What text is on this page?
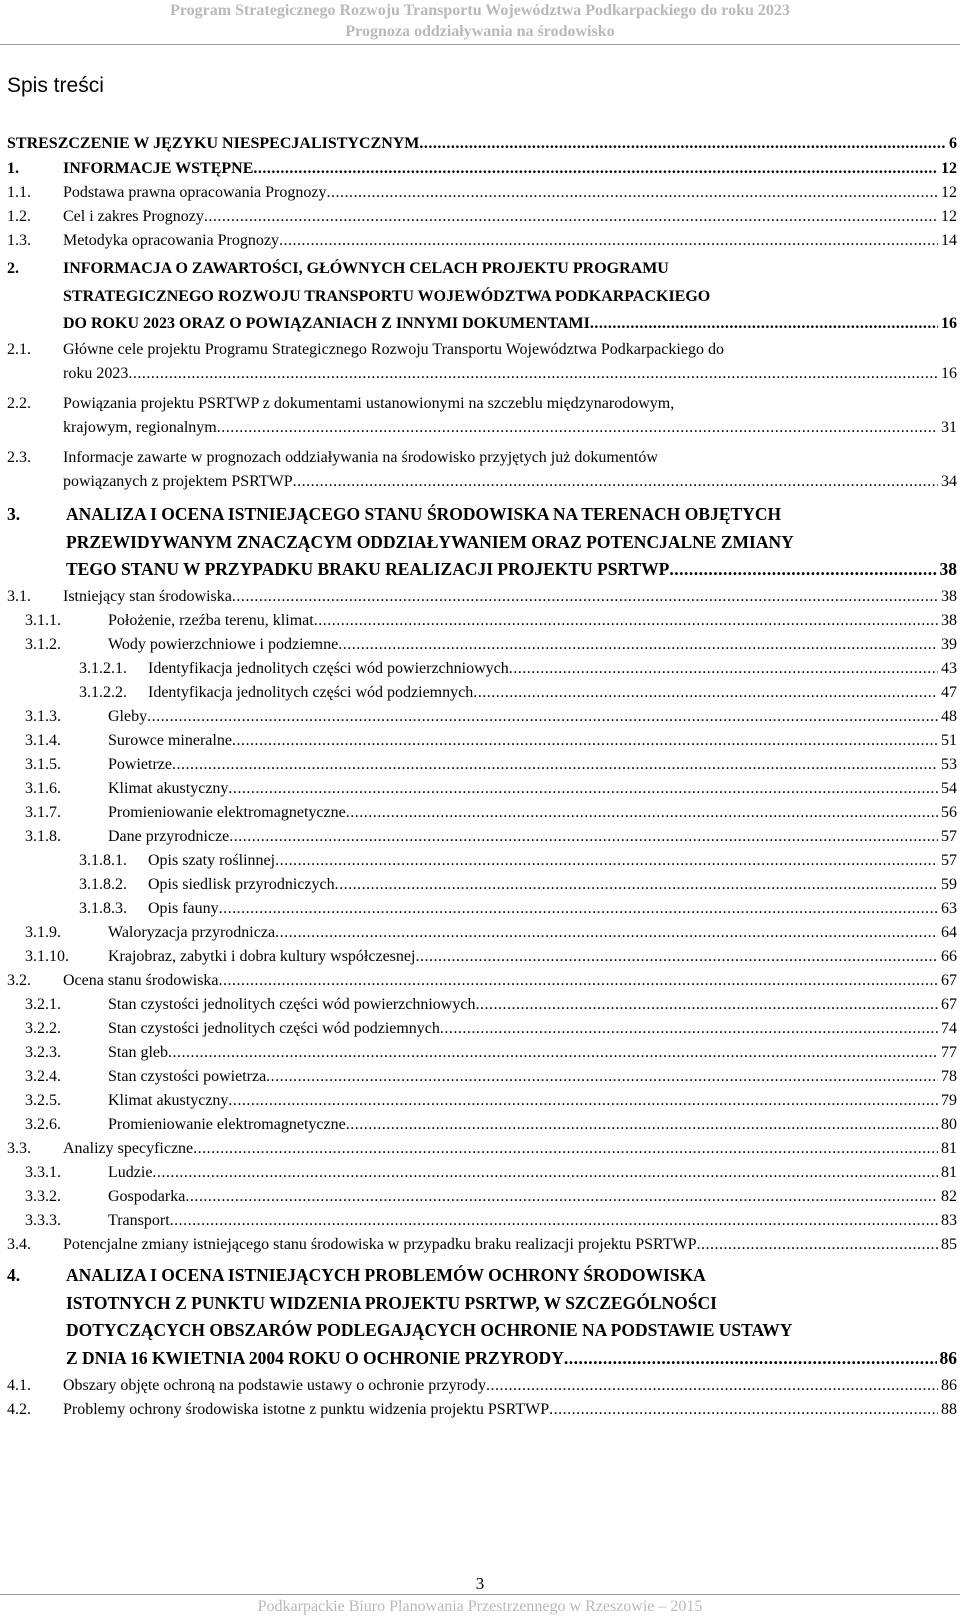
Program Strategicznego Rozwoju Transportu Województwa Podkarpackiego do roku 2023
Prognoza oddziaływania na środowisko
Spis treści
STRESZCZENIE W JĘZYKU NIESPECJALISTYCZNYM .....	6
1.	INFORMACJE WSTĘPNE .....	12
1.1. Podstawa prawna opracowania Prognozy .....	12
1.2. Cel i zakres Prognozy .....	12
1.3. Metodyka opracowania Prognozy .....	14
2.	INFORMACJA O ZAWARTOŚCI, GŁÓWNYCH CELACH PROJEKTU PROGRAMU
STRATEGICZNEGO ROZWOJU TRANSPORTU WOJEWÓDZTWA PODKARPACKIEGO
DO ROKU 2023 ORAZ O POWIĄZANIACH Z INNYMI DOKUMENTAMI .....	16
2.1. Główne cele projektu Programu Strategicznego Rozwoju Transportu Województwa Podkarpackiego do
roku 2023 .....	16
2.2. Powiązania projektu PSRTWP z dokumentami ustanowionymi na szczeblu międzynarodowym,
krajowym, regionalnym .....	31
2.3. Informacje zawarte w prognozach oddziaływania na środowisko przyjętych już dokumentów
powiązanych z projektem PSRTWP .....	34
3.	ANALIZA I OCENA ISTNIEJĄCEGO STANU ŚRODOWISKA NA TERENACH OBJĘTYCH
PRZEWIDYWANYM ZNACZĄCYM ODDZIAŁYWANIEM ORAZ POTENCJALNE ZMIANY
TEGO STANU W PRZYPADKU BRAKU REALIZACJI PROJEKTU PSRTWP .....	38
3.1. Istniejący stan środowiska .....	38
3.1.1.	Położenie, rzeźba terenu, klimat .....	38
3.1.2.	Wody powierzchniowe i podziemne .....	39
3.1.2.1. Identyfikacja jednolitych części wód powierzchniowych .....	43
3.1.2.2. Identyfikacja jednolitych części wód podziemnych .....	47
3.1.3.	Gleby .....	48
3.1.4.	Surowce mineralne .....	51
3.1.5.	Powietrze .....	53
3.1.6.	Klimat akustyczny .....	54
3.1.7.	Promieniowanie elektromagnetyczne .....	56
3.1.8.	Dane przyrodnicze .....	57
3.1.8.1. Opis szaty roślinnej .....	57
3.1.8.2. Opis siedlisk przyrodniczych .....	59
3.1.8.3. Opis fauny .....	63
3.1.9.	Waloryzacja przyrodnicza .....	64
3.1.10. Krajobraz, zabytki i dobra kultury współczesnej .....	66
3.2. Ocena stanu środowiska .....	67
3.2.1.	Stan czystości jednolitych części wód powierzchniowych .....	67
3.2.2.	Stan czystości jednolitych części wód podziemnych .....	74
3.2.3.	Stan gleb .....	77
3.2.4.	Stan czystości powietrza .....	78
3.2.5.	Klimat akustyczny .....	79
3.2.6.	Promieniowanie elektromagnetyczne .....	80
3.3. Analizy specyficzne .....	81
3.3.1.	Ludzie .....	81
3.3.2.	Gospodarka .....	82
3.3.3.	Transport .....	83
3.4. Potencjalne zmiany istniejącego stanu środowiska w przypadku braku realizacji projektu PSRTWP .....	85
4.	ANALIZA I OCENA ISTNIEJĄCYCH PROBLEMÓW OCHRONY ŚRODOWISKA
ISTOTNYCH Z PUNKTU WIDZENIA PROJEKTU PSRTWP, W SZCZEGÓLNOŚCI
DOTYCZĄCYCH OBSZARÓW PODLEGAJĄCYCH OCHRONIE NA PODSTAWIE USTAWY
Z DNIA 16 KWIETNIA 2004 ROKU O OCHRONIE PRZYRODY .....	86
4.1. Obszary objęte ochroną na podstawie ustawy o ochronie przyrody .....	86
4.2. Problemy ochrony środowiska istotne z punktu widzenia projektu PSRTWP .....	88
3
Podkarpackie Biuro Planowania Przestrzennego w Rzeszowie – 2015
